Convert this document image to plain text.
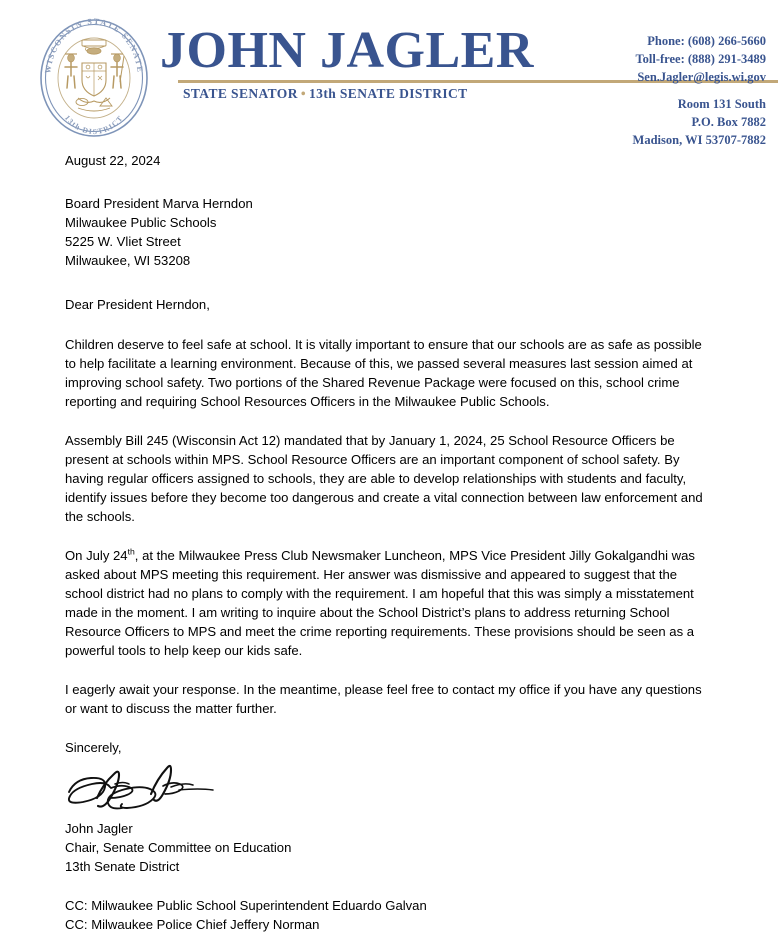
WISCONSIN STATE SENATE
13th DISTRICT
JOHN JAGLER
STATE SENATOR • 13th SENATE DISTRICT
Phone: (608) 266-5660
Toll-free: (888) 291-3489
Sen.Jagler@legis.wi.gov
Room 131 South
P.O. Box 7882
Madison, WI 53707-7882
August 22, 2024
Board President Marva Herndon
Milwaukee Public Schools
5225 W. Vliet Street
Milwaukee, WI 53208
Dear President Herndon,

Children deserve to feel safe at school. It is vitally important to ensure that our schools are as safe as possible to help facilitate a learning environment. Because of this, we passed several measures last session aimed at improving school safety. Two portions of the Shared Revenue Package were focused on this, school crime reporting and requiring School Resources Officers in the Milwaukee Public Schools.

Assembly Bill 245 (Wisconsin Act 12) mandated that by January 1, 2024, 25 School Resource Officers be present at schools within MPS. School Resource Officers are an important component of school safety. By having regular officers assigned to schools, they are able to develop relationships with students and faculty, identify issues before they become too dangerous and create a vital connection between law enforcement and the schools.

On July 24th, at the Milwaukee Press Club Newsmaker Luncheon, MPS Vice President Jilly Gokalgandhi was asked about MPS meeting this requirement. Her answer was dismissive and appeared to suggest that the school district had no plans to comply with the requirement. I am hopeful that this was simply a misstatement made in the moment. I am writing to inquire about the School District’s plans to address returning School Resource Officers to MPS and meet the crime reporting requirements. These provisions should be seen as a powerful tools to help keep our kids safe.

I eagerly await your response. In the meantime, please feel free to contact my office if you have any questions or want to discuss the matter further.

Sincerely,
John Jagler
Chair, Senate Committee on Education
13th Senate District
CC: Milwaukee Public School Superintendent Eduardo Galvan
CC: Milwaukee Police Chief Jeffery Norman
